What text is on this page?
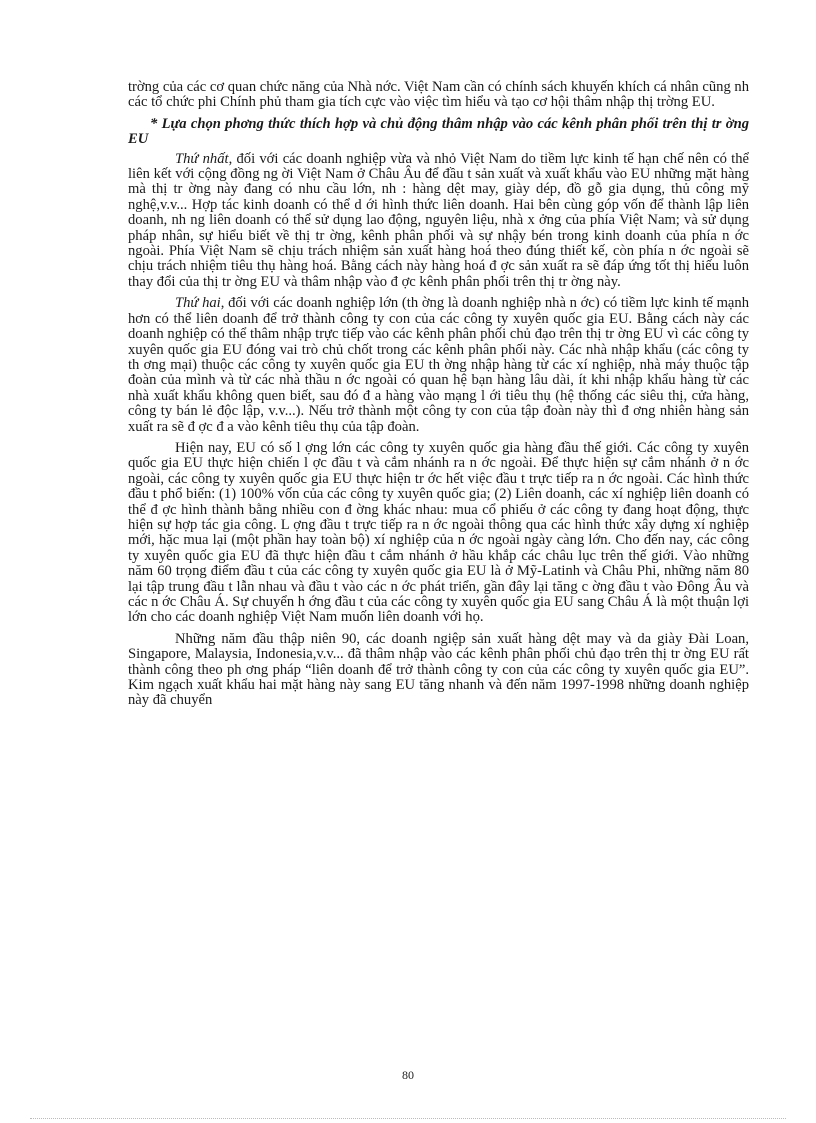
trờng của các cơ quan chức năng của Nhà nớc. Việt Nam cần có chính sách khuyến khích cá nhân cũng nh các tổ chức phi Chính phủ tham gia tích cực vào việc tìm hiểu và tạo cơ hội thâm nhập thị trờng EU.

* Lựa chọn phơng thức thích hợp và chủ động thâm nhập vào các kênh phân phối trên thị tr ờng EU

Thứ nhất, đối với các doanh nghiệp vừa và nhỏ Việt Nam do tiềm lực kinh tế hạn chế nên có thể liên kết với cộng đồng ng ời Việt Nam ở Châu Âu để đầu t sản xuất và xuất khẩu vào EU những mặt hàng mà thị tr ờng này đang có nhu cầu lớn, nh : hàng dệt may, giày dép, đồ gỗ gia dụng, thủ công mỹ nghệ,v.v... Hợp tác kinh doanh có thể d ới hình thức liên doanh. Hai bên cùng góp vốn để thành lập liên doanh, nh ng liên doanh có thể sử dụng lao động, nguyên liệu, nhà x ởng của phía Việt Nam; và sử dụng pháp nhân, sự hiểu biết về thị tr ờng, kênh phân phối và sự nhậy bén trong kinh doanh của phía n ớc ngoài. Phía Việt Nam sẽ chịu trách nhiệm sản xuất hàng hoá theo đúng thiết kế, còn phía n ớc ngoài sẽ chịu trách nhiệm tiêu thụ hàng hoá. Bằng cách này hàng hoá đ ợc sản xuất ra sẽ đáp ứng tốt thị hiếu luôn thay đổi của thị tr ờng EU và thâm nhập vào đ ợc kênh phân phối trên thị tr ờng này.

Thứ hai, đối với các doanh nghiệp lớn (th ờng là doanh nghiệp nhà n ớc) có tiềm lực kinh tế mạnh hơn có thể liên doanh để trở thành công ty con của các công ty xuyên quốc gia EU. Bằng cách này các doanh nghiệp có thể thâm nhập trực tiếp vào các kênh phân phối chủ đạo trên thị tr ờng EU vì các công ty xuyên quốc gia EU đóng vai trò chủ chốt trong các kênh phân phối này. Các nhà nhập khẩu (các công ty th ơng mại) thuộc các công ty xuyên quốc gia EU th ờng nhập hàng từ các xí nghiệp, nhà máy thuộc tập đoàn của mình và từ các nhà thầu n ớc ngoài có quan hệ bạn hàng lâu dài, ít khi nhập khẩu hàng từ các nhà xuất khẩu không quen biết, sau đó đ a hàng vào mạng l ới tiêu thụ (hệ thống các siêu thị, cửa hàng, công ty bán lẻ độc lập, v.v...). Nếu trở thành một công ty con của tập đoàn này thì đ ơng nhiên hàng sản xuất ra sẽ đ ợc đ a vào kênh tiêu thụ của tập đoàn.

Hiện nay, EU có số l ợng lớn các công ty xuyên quốc gia hàng đầu thế giới. Các công ty xuyên quốc gia EU thực hiện chiến l ợc đầu t và cắm nhánh ra n ớc ngoài. Để thực hiện sự cắm nhánh ở n ớc ngoài, các công ty xuyên quốc gia EU thực hiện tr ớc hết việc đầu t trực tiếp ra n ớc ngoài. Các hình thức đầu t phổ biến: (1) 100% vốn của các công ty xuyên quốc gia; (2) Liên doanh, các xí nghiệp liên doanh có thể đ ợc hình thành bằng nhiều con đ ờng khác nhau: mua cổ phiếu ở các công ty đang hoạt động, thực hiện sự hợp tác gia công. L ợng đầu t trực tiếp ra n ớc ngoài thông qua các hình thức xây dựng xí nghiệp mới, hặc mua lại (một phần hay toàn bộ) xí nghiệp của n ớc ngoài ngày càng lớn. Cho đến nay, các công ty xuyên quốc gia EU đã thực hiện đầu t cắm nhánh ở hầu khắp các châu lục trên thế giới. Vào những năm 60 trọng điểm đầu t của các công ty xuyên quốc gia EU là ở Mỹ-Latinh và Châu Phi, những năm 80 lại tập trung đầu t lẫn nhau và đầu t vào các n ớc phát triển, gần đây lại tăng c ờng đầu t vào Đông Âu và các n ớc Châu Á. Sự chuyển h ớng đầu t của các công ty xuyên quốc gia EU sang Châu Á là một thuận lợi lớn cho các doanh nghiệp Việt Nam muốn liên doanh với họ.

Những năm đầu thập niên 90, các doanh ngiệp sản xuất hàng dệt may và da giày Đài Loan, Singapore, Malaysia, Indonesia,v.v... đã thâm nhập vào các kênh phân phối chủ đạo trên thị tr ờng EU rất thành công theo ph ơng pháp “liên doanh để trở thành công ty con của các công ty xuyên quốc gia EU”. Kim ngạch xuất khẩu hai mặt hàng này sang EU tăng nhanh và đến năm 1997-1998 những doanh nghiệp này đã chuyển

80
